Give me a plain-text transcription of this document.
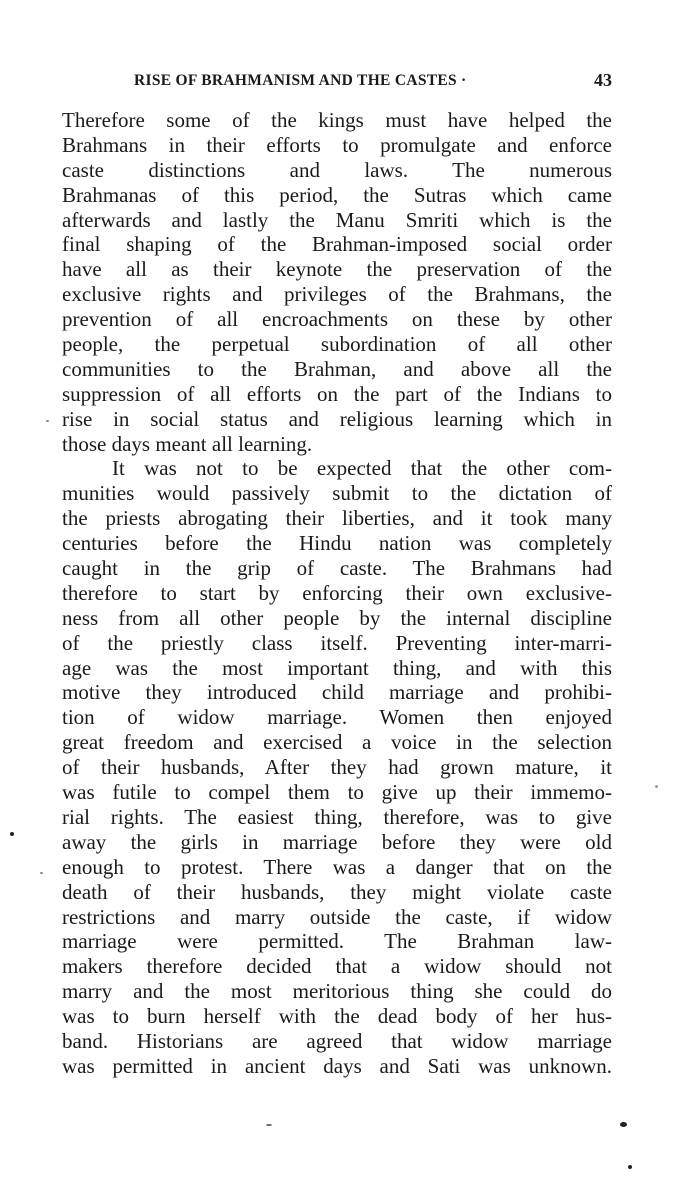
RISE OF BRAHMANISM AND THE CASTES ·	43
Therefore some of the kings must have helped the
Brahmans in their efforts to promulgate and enforce
caste distinctions and laws. The numerous
Brahmanas of this period, the Sutras which came
afterwards and lastly the Manu Smriti which is the
final shaping of the Brahman-imposed social order
have all as their keynote the preservation of the
exclusive rights and privileges of the Brahmans, the
prevention of all encroachments on these by other
people, the perpetual subordination of all other
communities to the Brahman, and above all the
suppression of all efforts on the part of the Indians to
rise in social status and religious learning which in
those days meant all learning.
It was not to be expected that the other com-
munities would passively submit to the dictation of
the priests abrogating their liberties, and it took many
centuries before the Hindu nation was completely
caught in the grip of caste. The Brahmans had
therefore to start by enforcing their own exclusive-
ness from all other people by the internal discipline
of the priestly class itself. Preventing inter-marri-
age was the most important thing, and with this
motive they introduced child marriage and prohibi-
tion of widow marriage. Women then enjoyed
great freedom and exercised a voice in the selection
of their husbands, After they had grown mature, it
was futile to compel them to give up their immemo-
rial rights. The easiest thing, therefore, was to give
away the girls in marriage before they were old
enough to protest. There was a danger that on the
death of their husbands, they might violate caste
restrictions and marry outside the caste, if widow
marriage were permitted. The Brahman law-
makers therefore decided that a widow should not
marry and the most meritorious thing she could do
was to burn herself with the dead body of her hus-
band. Historians are agreed that widow marriage
was permitted in ancient days and Sati was unknown.
